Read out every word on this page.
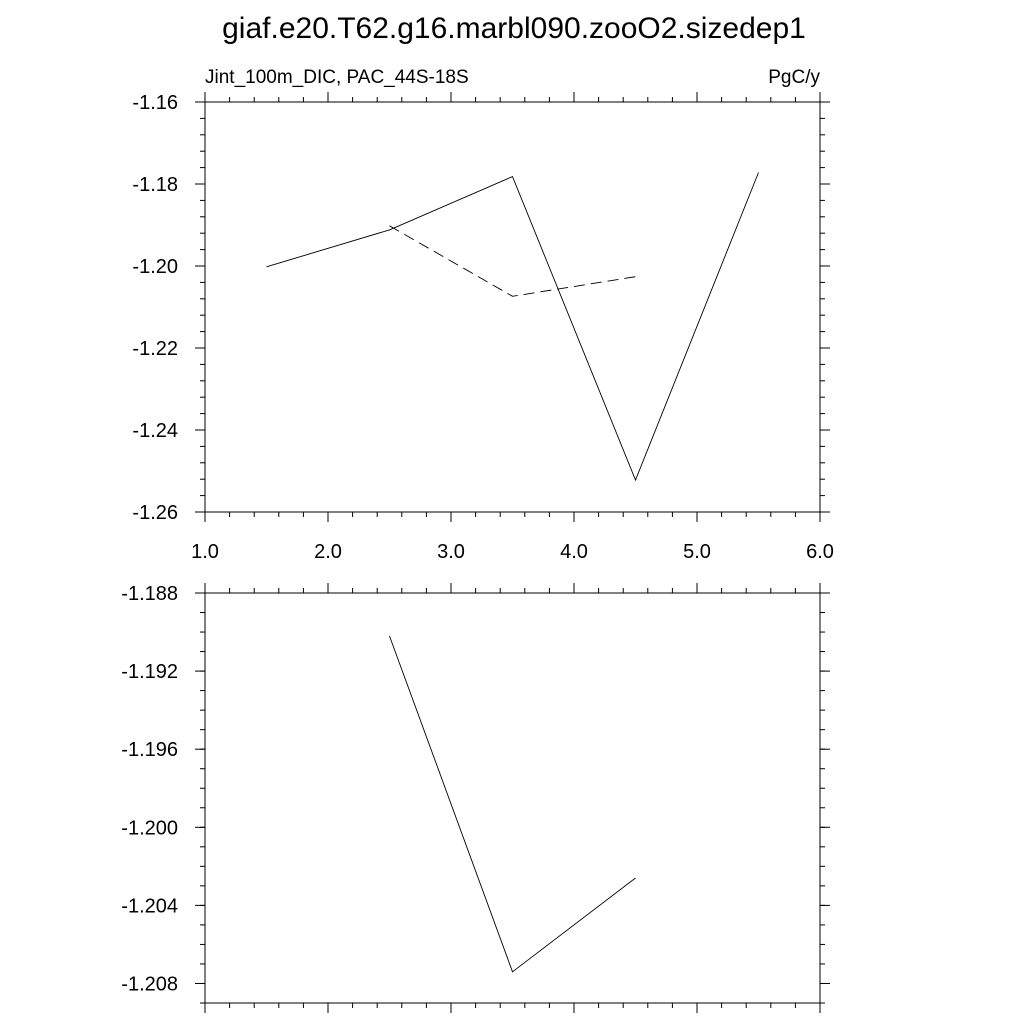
giaf.e20.T62.g16.marbl090.zooO2.sizedep1
Jint_100m_DIC, PAC_44S-18S	PgC/y
1.0	2.0	3.0	4.0	5.0	6.0
-1.26
-1.24
-1.22
-1.20
-1.18
-1.16
-1.208
-1.204
-1.200
-1.196
-1.192
-1.188
